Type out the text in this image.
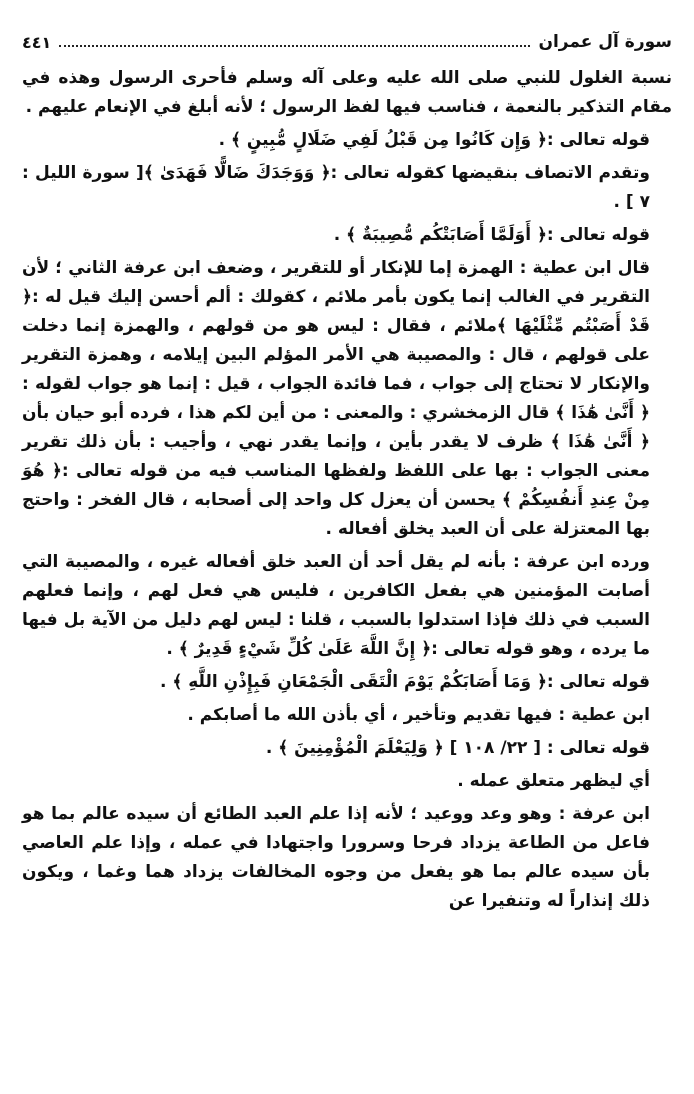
سورة آل عمران
٤٤١

نسبة الغلول للنبي صلى الله عليه وعلى آله وسلم فأحرى الرسول وهذه في مقام التذكير بالنعمة ، فناسب فيها لفظ الرسول ؛ لأنه أبلغ في الإنعام عليهم .

قوله تعالى :﴿ وَإِن كَانُوا مِن قَبْلُ لَفِي ضَلَالٍ مُّبِينٍ ﴾ .

وتقدم الاتصاف بنقيضها كقوله تعالى :﴿ وَوَجَدَكَ ضَالًّا فَهَدَىٰ ﴾[ سورة الليل : ٧ ] .

قوله تعالى :﴿ أَوَلَمَّا أَصَابَتْكُم مُّصِيبَةٌ ﴾ .

قال ابن عطية : الهمزة إما للإنكار أو للتقرير ، وضعف ابن عرفة الثاني ؛ لأن التقرير في الغالب إنما يكون بأمر ملائم ، كقولك : ألم أحسن إليك قيل له :﴿ قَدْ أَصَبْتُم مِّثْلَيْهَا ﴾ملائم ، فقال : ليس هو من قولهم ، والهمزة إنما دخلت على قولهم ، قال : والمصيبة هي الأمر المؤلم البين إيلامه ، وهمزة التقرير والإنكار لا تحتاج إلى جواب ، فما فائدة الجواب ، قيل : إنما هو جواب لقوله :﴿ أَنَّىٰ هَٰذَا ﴾ قال الزمخشري : والمعنى : من أين لكم هذا ، فرده أبو حيان بأن ﴿ أَنَّىٰ هَٰذَا ﴾ ظرف لا يقدر بأين ، وإنما يقدر نهي ، وأجيب : بأن ذلك تقرير معنى الجواب : بها على اللفظ ولفظها المناسب فيه من قوله تعالى :﴿ هُوَ مِنْ عِندِ أَنفُسِكُمْ ﴾ يحسن أن يعزل كل واحد إلى أصحابه ، قال الفخر : واحتج بها المعتزلة على أن العبد يخلق أفعاله .

ورده ابن عرفة : بأنه لم يقل أحد أن العبد خلق أفعاله غيره ، والمصيبة التي أصابت المؤمنين هي بفعل الكافرين ، فليس هي فعل لهم ، وإنما فعلهم السبب في ذلك فإذا استدلوا بالسبب ، قلنا : ليس لهم دليل من الآية بل فيها ما يرده ، وهو قوله تعالى :﴿ إِنَّ اللَّهَ عَلَىٰ كُلِّ شَيْءٍ قَدِيرٌ ﴾ .

قوله تعالى :﴿ وَمَا أَصَابَكُمْ يَوْمَ الْتَقَى الْجَمْعَانِ فَبِإِذْنِ اللَّهِ ﴾ .

ابن عطية : فيها تقديم وتأخير ، أي بأذن الله ما أصابكم .

قوله تعالى : [ ٢٢/ ١٠٨ ] ﴿ وَلِيَعْلَمَ الْمُؤْمِنِينَ ﴾ .

أي ليظهر متعلق عمله .

ابن عرفة : وهو وعد ووعيد ؛ لأنه إذا علم العبد الطائع أن سيده عالم بما هو فاعل من الطاعة يزداد فرحا وسرورا واجتهادا في عمله ، وإذا علم العاصي بأن سيده عالم بما هو يفعل من وجوه المخالفات يزداد هما وغما ، ويكون ذلك إنذاراً له وتنفيرا عن
